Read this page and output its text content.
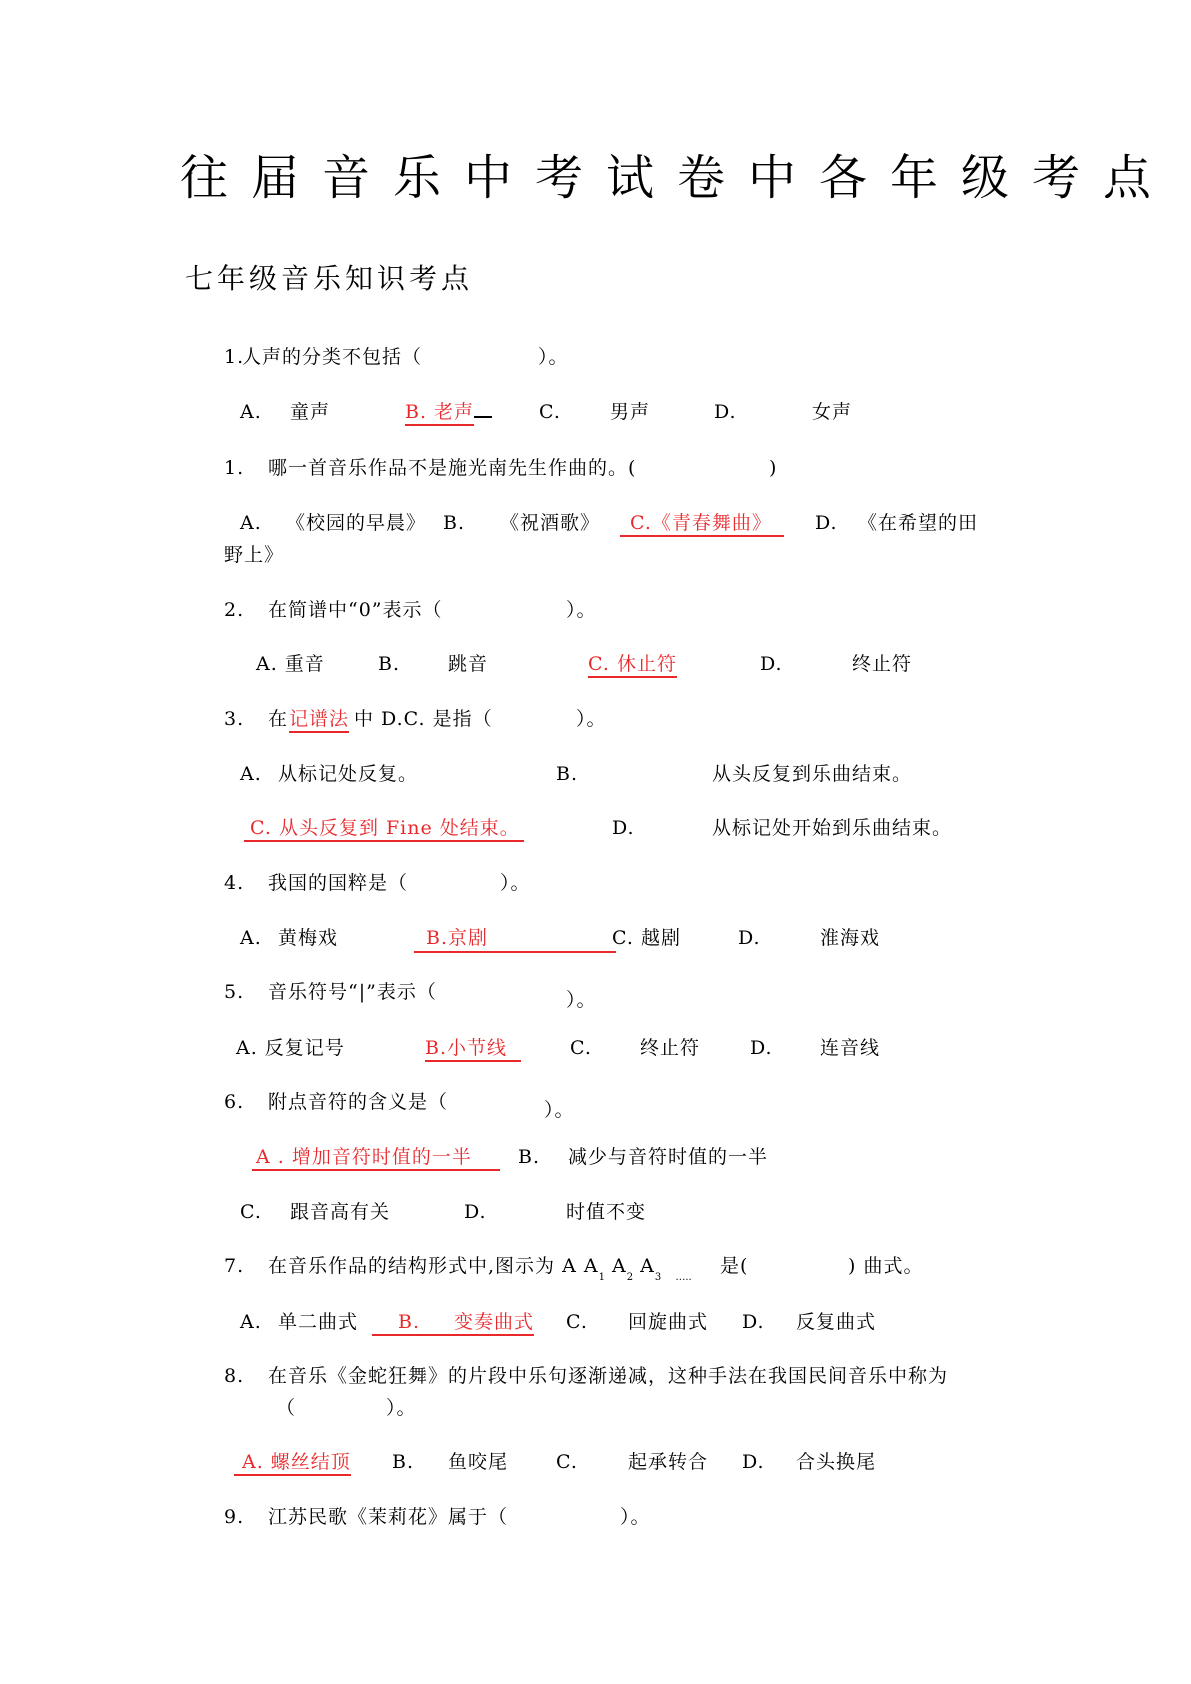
往届音乐中考试卷中各年级考点
七年级音乐知识考点
1.
人声的分类不包括（	）。
A. 童声	B. 老声	C.	男声	D.	女声
1. 哪一首音乐作品不是施光南先生作曲的。(	)
A. 《校园的早晨》 B. 《祝酒歌》	C.《青春舞曲》	D. 《在希望的田
野上》
2. 在简谱中“0”表示（	）。
A. 重音	B.	跳音	C. 休止符	D.	终止符
3. 在 记谱法 中 D.C. 是指（	）。
A. 从标记处反复。	B.	从头反复到乐曲结束。
C. 从头反复到 Fine 处结束。	D.	从标记处开始到乐曲结束。
4. 我国的国粹是（	）。
A. 黄梅戏	B.京剧	C. 越剧	D.	淮海戏
5. 音乐符号“|”表示（	）。
A. 反复记号	B.小节线	C.	终止符	D. 连音线
6. 附点音符的含义是（	）。
A . 增加音符时值的一半	B. 减少与音符时值的一半
C. 跟音高有关	D.	时值不变
7. 在音乐作品的结构形式中,图示为 A $A_1$ $A_2$ $A_3$ $_{\dots..}$
是(	) 曲式。
A. 单二曲式	B. 变奏曲式 C. 回旋曲式 D. 反复曲式
8. 在音乐《金蛇狂舞》的片段中乐句逐渐递减，这种手法在我国民间音乐中称为
（	）。
A. 螺丝结顶 B. 鱼咬尾	C.	起承转合 D. 合头换尾
9. 江苏民歌《茉莉花》属于（	）。
